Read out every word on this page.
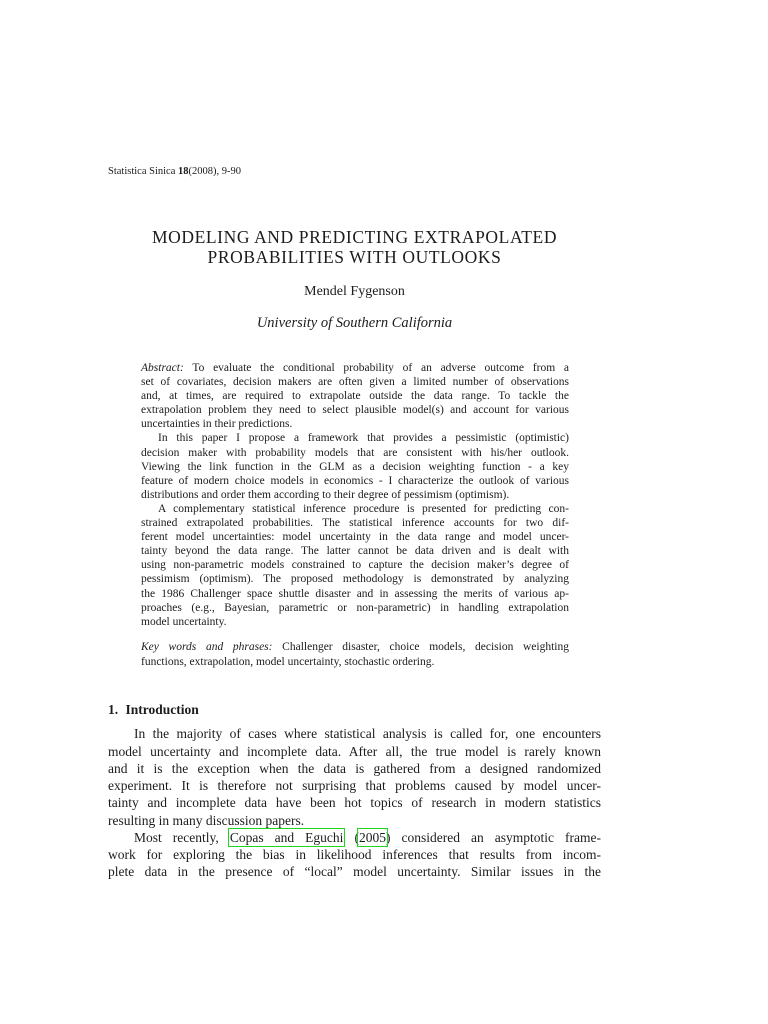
Statistica Sinica 18(2008), 9-90
MODELING AND PREDICTING EXTRAPOLATED
PROBABILITIES WITH OUTLOOKS
Mendel Fygenson
University of Southern California
Abstract: To evaluate the conditional probability of an adverse outcome from a
set of covariates, decision makers are often given a limited number of observations
and, at times, are required to extrapolate outside the data range. To tackle the
extrapolation problem they need to select plausible model(s) and account for various
uncertainties in their predictions.
In this paper I propose a framework that provides a pessimistic (optimistic)
decision maker with probability models that are consistent with his/her outlook.
Viewing the link function in the GLM as a decision weighting function - a key
feature of modern choice models in economics - I characterize the outlook of various
distributions and order them according to their degree of pessimism (optimism).
A complementary statistical inference procedure is presented for predicting con-
strained extrapolated probabilities. The statistical inference accounts for two dif-
ferent model uncertainties: model uncertainty in the data range and model uncer-
tainty beyond the data range. The latter cannot be data driven and is dealt with
using non-parametric models constrained to capture the decision maker’s degree of
pessimism (optimism). The proposed methodology is demonstrated by analyzing
the 1986 Challenger space shuttle disaster and in assessing the merits of various ap-
proaches (e.g., Bayesian, parametric or non-parametric) in handling extrapolation
model uncertainty.
Key words and phrases: Challenger disaster, choice models, decision weighting
functions, extrapolation, model uncertainty, stochastic ordering.
1. Introduction
In the majority of cases where statistical analysis is called for, one encounters
model uncertainty and incomplete data. After all, the true model is rarely known
and it is the exception when the data is gathered from a designed randomized
experiment. It is therefore not surprising that problems caused by model uncer-
tainty and incomplete data have been hot topics of research in modern statistics
resulting in many discussion papers.
Most recently, Copas and Eguchi (2005) considered an asymptotic frame-
work for exploring the bias in likelihood inferences that results from incom-
plete data in the presence of “local” model uncertainty. Similar issues in the
